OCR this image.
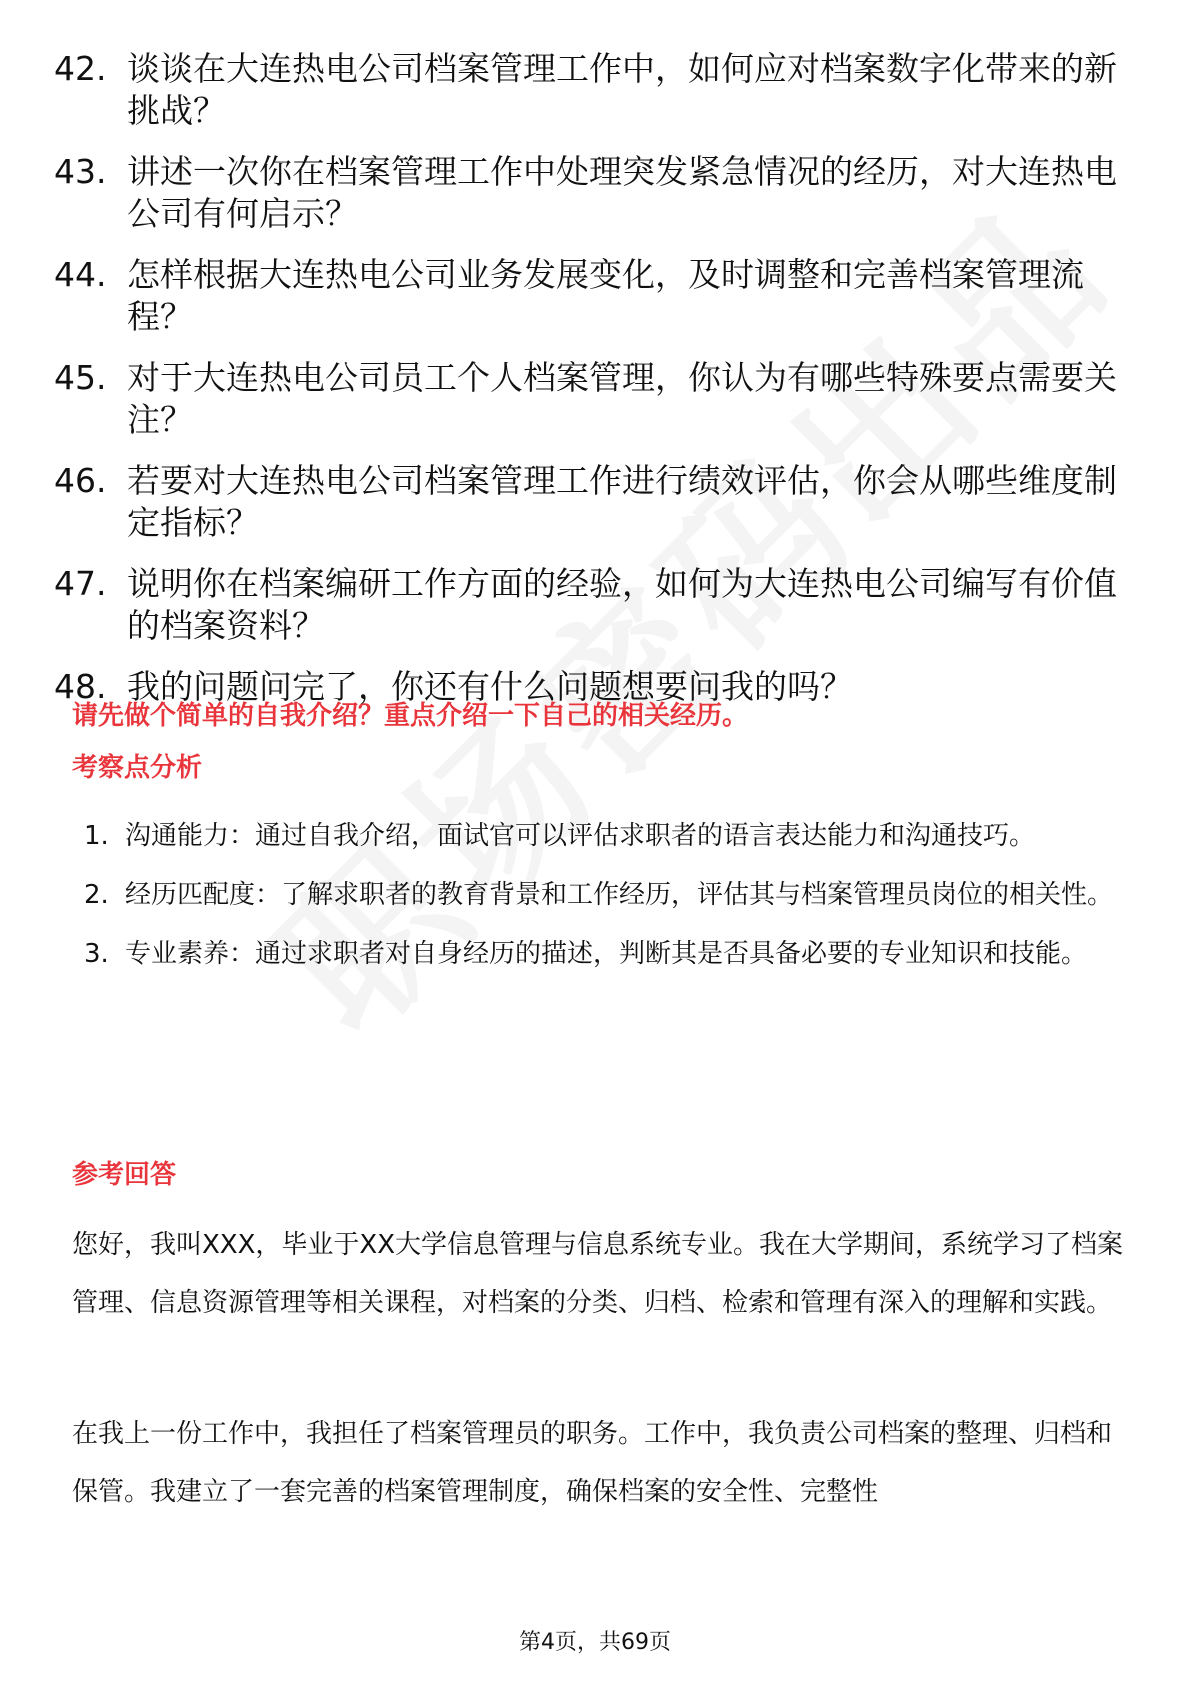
42. 谈谈在大连热电公司档案管理工作中，如何应对档案数字化带来的新挑战？
43. 讲述一次你在档案管理工作中处理突发紧急情况的经历，对大连热电公司有何启示？
44. 怎样根据大连热电公司业务发展变化，及时调整和完善档案管理流程？
45. 对于大连热电公司员工个人档案管理，你认为有哪些特殊要点需要关注？
46. 若要对大连热电公司档案管理工作进行绩效评估，你会从哪些维度制定指标？
47. 说明你在档案编研工作方面的经验，如何为大连热电公司编写有价值的档案资料？
48. 我的问题问完了，你还有什么问题想要问我的吗？
请先做个简单的自我介绍？重点介绍一下自己的相关经历。
考察点分析
1. 沟通能力：通过自我介绍，面试官可以评估求职者的语言表达能力和沟通技巧。
2. 经历匹配度：了解求职者的教育背景和工作经历，评估其与档案管理员岗位的相关性。
3. 专业素养：通过求职者对自身经历的描述，判断其是否具备必要的专业知识和技能。
参考回答

您好，我叫XXX，毕业于XX大学信息管理与信息系统专业。我在大学期间，系统学习了档案管理、信息资源管理等相关课程，对档案的分类、归档、检索和管理有深入的理解和实践。

在我上一份工作中，我担任了档案管理员的职务。工作中，我负责公司档案的整理、归档和保管。我建立了一套完善的档案管理制度，确保档案的安全性、完整性

第4页，共69页
